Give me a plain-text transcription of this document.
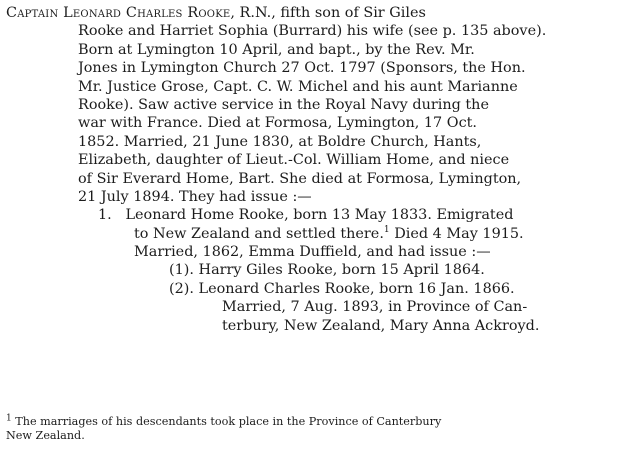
Captain Leonard Charles Rooke, R.N., fifth son of Sir Giles
Rooke and Harriet Sophia (Burrard) his wife (see p. 135 above).
Born at Lymington 10 April, and bapt., by the Rev. Mr.
Jones in Lymington Church 27 Oct. 1797 (Sponsors, the Hon.
Mr. Justice Grose, Capt. C. W. Michel and his aunt Marianne
Rooke). Saw active service in the Royal Navy during the
war with France. Died at Formosa, Lymington, 17 Oct.
1852. Married, 21 June 1830, at Boldre Church, Hants,
Elizabeth, daughter of Lieut.-Col. William Home, and niece
of Sir Everard Home, Bart. She died at Formosa, Lymington,
21 July 1894. They had issue :—
1. Leonard Home Rooke, born 13 May 1833. Emigrated
to New Zealand and settled there.$^1$ Died 4 May 1915.
Married, 1862, Emma Duffield, and had issue :—
(1). Harry Giles Rooke, born 15 April 1864.
(2). Leonard Charles Rooke, born 16 Jan. 1866.
Married, 7 Aug. 1893, in Province of Can-
terbury, New Zealand, Mary Anna Ackroyd.
$^1$ The marriages of his descendants took place in the Province of Canterbury
New Zealand.
